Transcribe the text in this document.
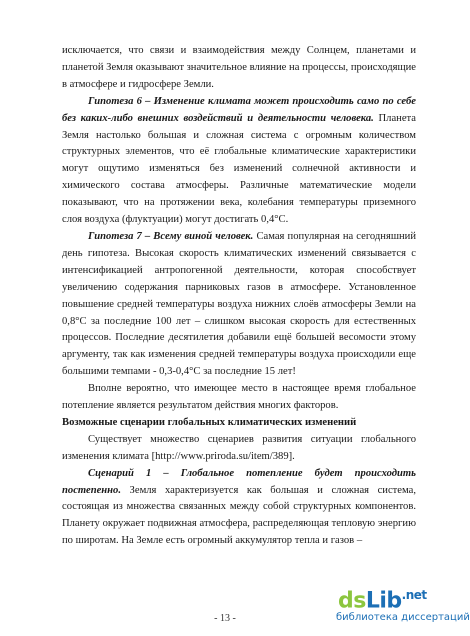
исключается, что связи и взаимодействия между Солнцем, планетами и планетой Земля оказывают значительное влияние на процессы, происходящие в атмосфере и гидросфере Земли.

Гипотеза 6 – Изменение климата может происходить само по себе без каких-либо внешних воздействий и деятельности человека. Планета Земля настолько большая и сложная система с огромным количеством структурных элементов, что её глобальные климатические характеристики могут ощутимо изменяться без изменений солнечной активности и химического состава атмосферы. Различные математические модели показывают, что на протяжении века, колебания температуры приземного слоя воздуха (флуктуации) могут достигать 0,4°С.

Гипотеза 7 – Всему виной человек. Самая популярная на сегодняшний день гипотеза. Высокая скорость климатических изменений связывается с интенсификацией антропогенной деятельности, которая способствует увеличению содержания парниковых газов в атмосфере. Установленное повышение средней температуры воздуха нижних слоёв атмосферы Земли на 0,8°С за последние 100 лет – слишком высокая скорость для естественных процессов. Последние десятилетия добавили ещё большей весомости этому аргументу, так как изменения средней температуры воздуха происходили еще большими темпами - 0,3-0,4°С за последние 15 лет!

Вполне вероятно, что имеющее место в настоящее время глобальное потепление является результатом действия многих факторов.

Возможные сценарии глобальных климатических изменений

Существует множество сценариев развития ситуации глобального изменения климата [http://www.priroda.su/item/389].

Сценарий 1 – Глобальное потепление будет происходить постепенно. Земля характеризуется как большая и сложная система, состоящая из множества связанных между собой структурных компонентов. Планету окружает подвижная атмосфера, распределяющая тепловую энергию по широтам. На Земле есть огромный аккумулятор тепла и газов –

- 13 -
dsLib$^{.net}$
библиотека диссертаций
